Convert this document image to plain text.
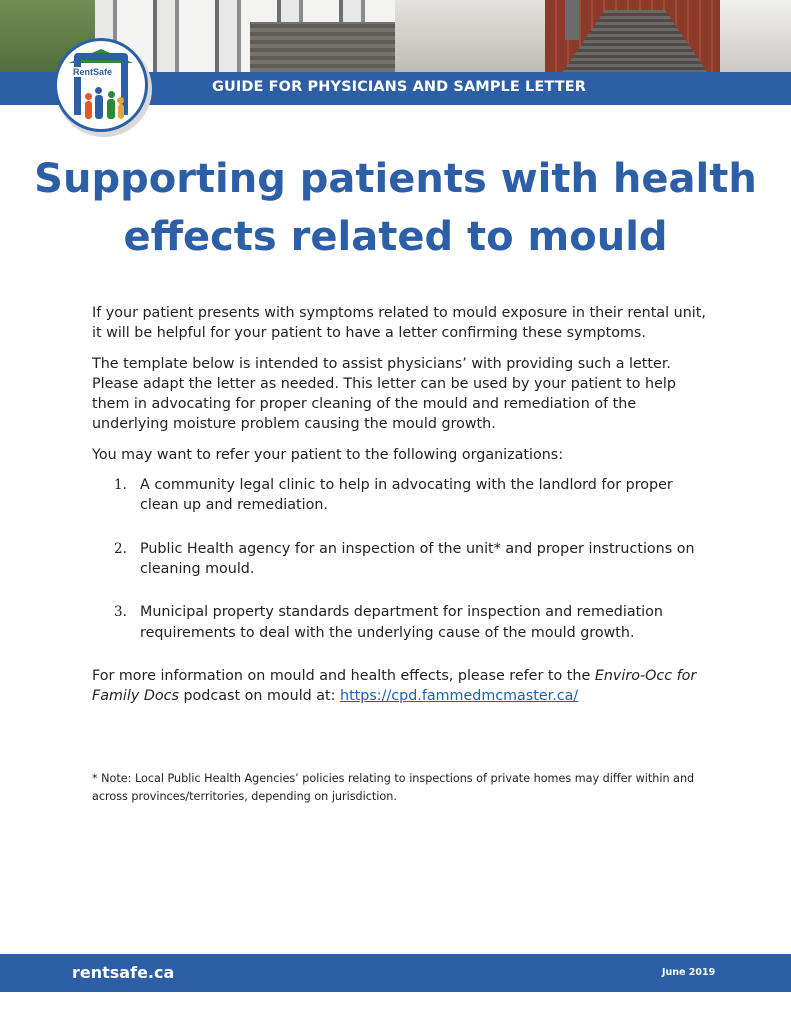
GUIDE FOR PHYSICIANS AND SAMPLE LETTER
RentSafe
Supporting patients with health
effects related to mould

If your patient presents with symptoms related to mould exposure in their rental unit, it will be helpful for your patient to have a letter confirming these symptoms.

The template below is intended to assist physicians’ with providing such a letter. Please adapt the letter as needed. This letter can be used by your patient to help them in advocating for proper cleaning of the mould and remediation of the underlying moisture problem causing the mould growth.

You may want to refer your patient to the following organizations:

1. A community legal clinic to help in advocating with the landlord for proper clean up and remediation.
2. Public Health agency for an inspection of the unit* and proper instructions on cleaning mould.
3. Municipal property standards department for inspection and remediation requirements to deal with the underlying cause of the mould growth.

For more information on mould and health effects, please refer to the Enviro-Occ for Family Docs podcast on mould at: https://cpd.fammedmcmaster.ca/

* Note: Local Public Health Agencies’ policies relating to inspections of private homes may differ within and across provinces/territories, depending on jurisdiction.

rentsafe.ca	June 2019
